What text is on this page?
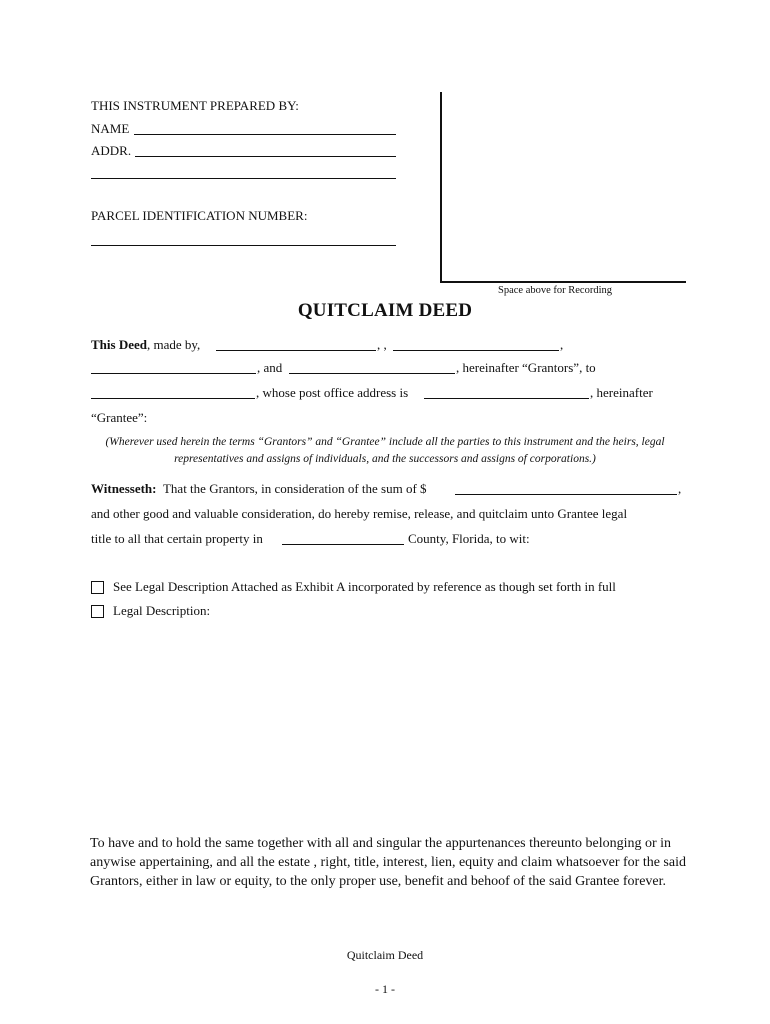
THIS INSTRUMENT PREPARED BY:
NAME
ADDR.
PARCEL IDENTIFICATION NUMBER:
Space above for Recording
QUITCLAIM DEED
This Deed, made by,	, ,	,
, and	, hereinafter “Grantors”, to
, whose post office address is	, hereinafter
“Grantee”:
(Wherever used herein the terms “Grantors” and “Grantee” include all the parties to this instrument and the heirs, legal representatives and assigns of individuals, and the successors and assigns of corporations.)
Witnesseth: That the Grantors, in consideration of the sum of $	,
and other good and valuable consideration, do hereby remise, release, and quitclaim unto Grantee legal
title to all that certain property in	County, Florida, to wit:
See Legal Description Attached as Exhibit A incorporated by reference as though set forth in full
Legal Description:
To have and to hold the same together with all and singular the appurtenances thereunto belonging or in anywise appertaining, and all the estate , right, title, interest, lien, equity and claim whatsoever for the said Grantors, either in law or equity, to the only proper use, benefit and behoof of the said Grantee forever.
Quitclaim Deed
- 1 -
